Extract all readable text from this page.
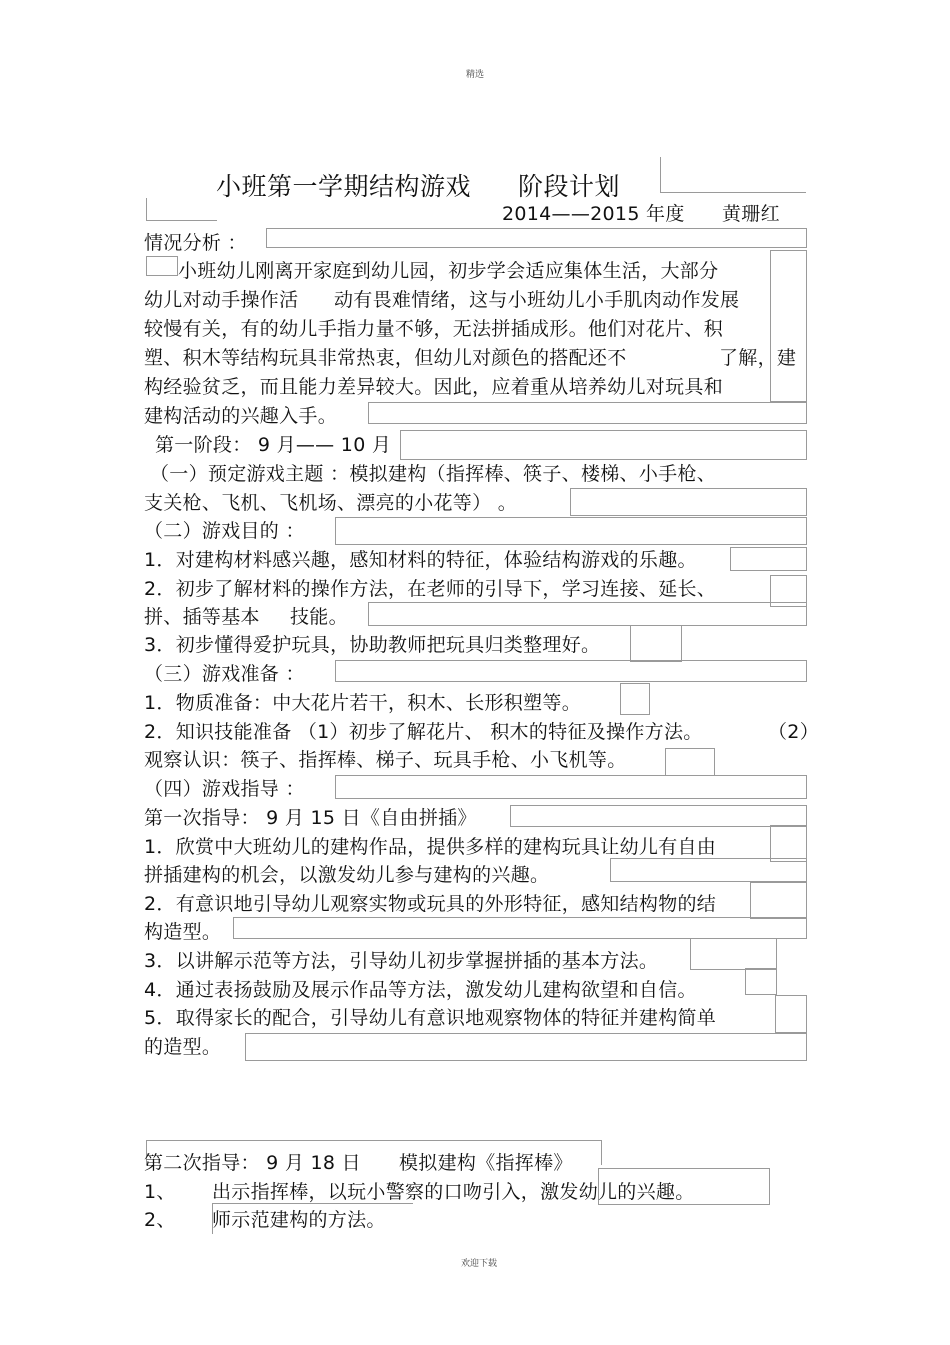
精选
欢迎下载
小班第一学期结构游戏 阶段计划
2014——2015 年度 黄珊红
情况分析 ：
小班幼儿刚离开家庭到幼儿园，初步学会适应集体生活，大部分
幼儿对动手操作活 动有畏难情绪，这与小班幼儿小手肌肉动作发展
较慢有关，有的幼儿手指力量不够，无法拼插成形。他们对花片、积
塑、积木等结构玩具非常热衷，但幼儿对颜色的搭配还不	了解，建
构经验贫乏，而且能力差异较大。因此，应着重从培养幼儿对玩具和
建构活动的兴趣入手。
第一阶段： 9 月—— 10 月
（一）预定游戏主题 ：模拟建构（指挥棒、筷子、楼梯、小手枪、
支关枪、飞机、飞机场、漂亮的小花等） 。
（二）游戏目的 ：
1．对建构材料感兴趣，感知材料的特征，体验结构游戏的乐趣。
2．初步了解材料的操作方法，在老师的引导下，学习连接、延长、
拼、插等基本 技能。
3．初步懂得爱护玩具，协助教师把玩具归类整理好。
（三）游戏准备 ：
1．物质准备：中大花片若干，积木、长形积塑等。
2．知识技能准备 （1）初步了解花片、 积木的特征及操作方法。	（2）
观察认识：筷子、指挥棒、梯子、玩具手枪、小飞机等。
（四）游戏指导 ：
第一次指导： 9 月 15 日《自由拼插》
1．欣赏中大班幼儿的建构作品，提供多样的建构玩具让幼儿有自由
拼插建构的机会，以激发幼儿参与建构的兴趣。
2．有意识地引导幼儿观察实物或玩具的外形特征，感知结构物的结
构造型。
3．以讲解示范等方法，引导幼儿初步掌握拼插的基本方法。
4．通过表扬鼓励及展示作品等方法，激发幼儿建构欲望和自信。
5．取得家长的配合，引导幼儿有意识地观察物体的特征并建构简单
的造型。
第二次指导： 9 月 18 日 模拟建构《指挥棒》
1、 出示指挥棒，以玩小警察的口吻引入，激发幼儿的兴趣。
2、 师示范建构的方法。
